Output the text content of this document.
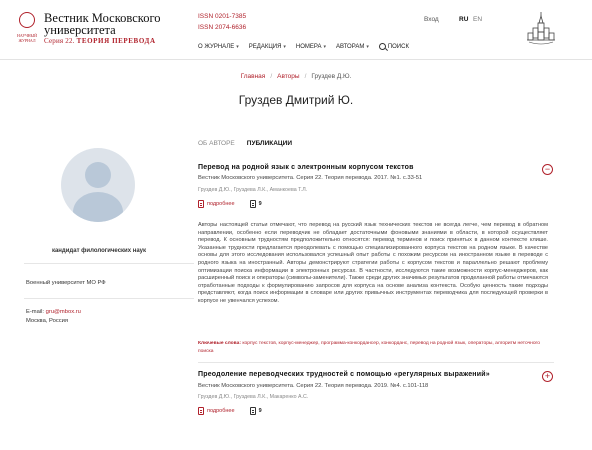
НАУЧНЫЙ ЖУРНАЛ
Вестник Московского университета
Серия 22. ТЕОРИЯ ПЕРЕВОДА
ISSN 0201-7385
ISSN 2074-6636
О ЖУРНАЛЕ ▾ РЕДАКЦИЯ ▾ НОМЕРА ▾ АВТОРАМ ▾	ПОИСК
Вход	RU EN
Главная / Авторы / Груздев Д.Ю.
Груздев Дмитрий Ю.
кандидат филологических наук
Военный университет МО РФ
E-mail: gru@mbox.ru
Москва, Россия
ОБ АВТОРЕ ПУБЛИКАЦИИ
Перевод на родной язык с электронным корпусом текстов	−
Вестник Московского университета. Серия 22. Теория перевода. 2017. №1. с.33-51
Груздев Д.Ю., Груздева Л.К., Аманкоева Т.Л.
подробнее	9
Авторы настоящей статьи отмечают, что перевод на русский язык технических текстов не всегда легче, чем перевод в обратном направлении, особенно если переводчик не обладает достаточными фоновыми знаниями в области, в которой осуществляет перевод. К основным трудностям предположительно относятся: перевод терминов и поиск принятых в данном контексте клише. Указанные трудности предлагается преодолевать с помощью специализированного корпуса текстов на родном языке. В качестве основы для этого исследования использовался успешный опыт работы с похожим ресурсом на иностранном языке в переводе с родного языка на иностранный. Авторы демонстрируют стратегии работы с корпусом текстов и параллельно решают проблему оптимизации поиска информации в электронных ресурсах. В частности, исследуются такие возможности корпус-менеджеров, как расширенный поиск и операторы (символы-заменители). Также среди других значимых результатов проделанной работы отмечаются отработанные подходы к формулированию запросов для корпуса на основе анализа контекста. Особую ценность такие подходы представляют, когда поиск информации в словаре или других привычных инструментах переводчика для последующей проверки в корпусе не увенчался успехом.
Ключевые слова: корпус текстов, корпус-менеджер, программа-конкордансер, конкорданс, перевод на родной язык, операторы, алгоритм неточного поиска
Преодоление переводческих трудностей с помощью «регулярных выражений»	+
Вестник Московского университета. Серия 22. Теория перевода. 2019. №4. с.101-118
Груздев Д.Ю., Груздева Л.К., Макаренко А.С.
подробнее	9
